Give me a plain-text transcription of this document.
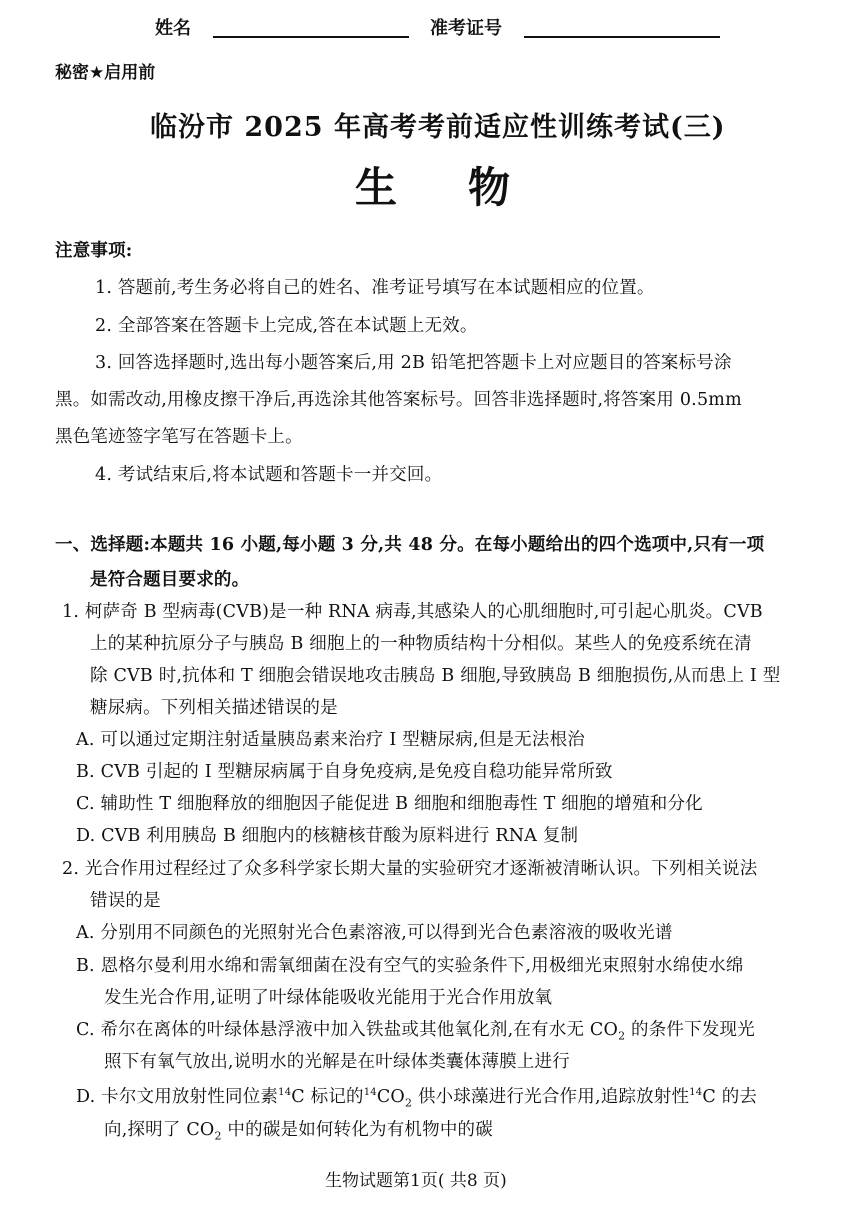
姓名	准考证号
秘密★启用前
临汾市 2025 年高考考前适应性训练考试(三)
生 物
注意事项:
1. 答题前,考生务必将自己的姓名、准考证号填写在本试题相应的位置。
2. 全部答案在答题卡上完成,答在本试题上无效。
3. 回答选择题时,选出每小题答案后,用 2B 铅笔把答题卡上对应题目的答案标号涂
黑。如需改动,用橡皮擦干净后,再选涂其他答案标号。回答非选择题时,将答案用 0.5mm
黑色笔迹签字笔写在答题卡上。
4. 考试结束后,将本试题和答题卡一并交回。
一、选择题:本题共 16 小题,每小题 3 分,共 48 分。在每小题给出的四个选项中,只有一项
是符合题目要求的。
1. 柯萨奇 B 型病毒(CVB)是一种 RNA 病毒,其感染人的心肌细胞时,可引起心肌炎。CVB
上的某种抗原分子与胰岛 B 细胞上的一种物质结构十分相似。某些人的免疫系统在清
除 CVB 时,抗体和 T 细胞会错误地攻击胰岛 B 细胞,导致胰岛 B 细胞损伤,从而患上 I 型
糖尿病。下列相关描述错误的是
A. 可以通过定期注射适量胰岛素来治疗 I 型糖尿病,但是无法根治
B. CVB 引起的 I 型糖尿病属于自身免疫病,是免疫自稳功能异常所致
C. 辅助性 T 细胞释放的细胞因子能促进 B 细胞和细胞毒性 T 细胞的增殖和分化
D. CVB 利用胰岛 B 细胞内的核糖核苷酸为原料进行 RNA 复制
2. 光合作用过程经过了众多科学家长期大量的实验研究才逐渐被清晰认识。下列相关说法
错误的是
A. 分别用不同颜色的光照射光合色素溶液,可以得到光合色素溶液的吸收光谱
B. 恩格尔曼利用水绵和需氧细菌在没有空气的实验条件下,用极细光束照射水绵使水绵
发生光合作用,证明了叶绿体能吸收光能用于光合作用放氧
C. 希尔在离体的叶绿体悬浮液中加入铁盐或其他氧化剂,在有水无 $CO_2$ 的条件下发现光
照下有氧气放出,说明水的光解是在叶绿体类囊体薄膜上进行
D. 卡尔文用放射性同位素$^{14}$C 标记的$^{14}CO_2$ 供小球藻进行光合作用,追踪放射性$^{14}$C 的去
向,探明了 $CO_2$ 中的碳是如何转化为有机物中的碳
生物试题第1页( 共8 页)
